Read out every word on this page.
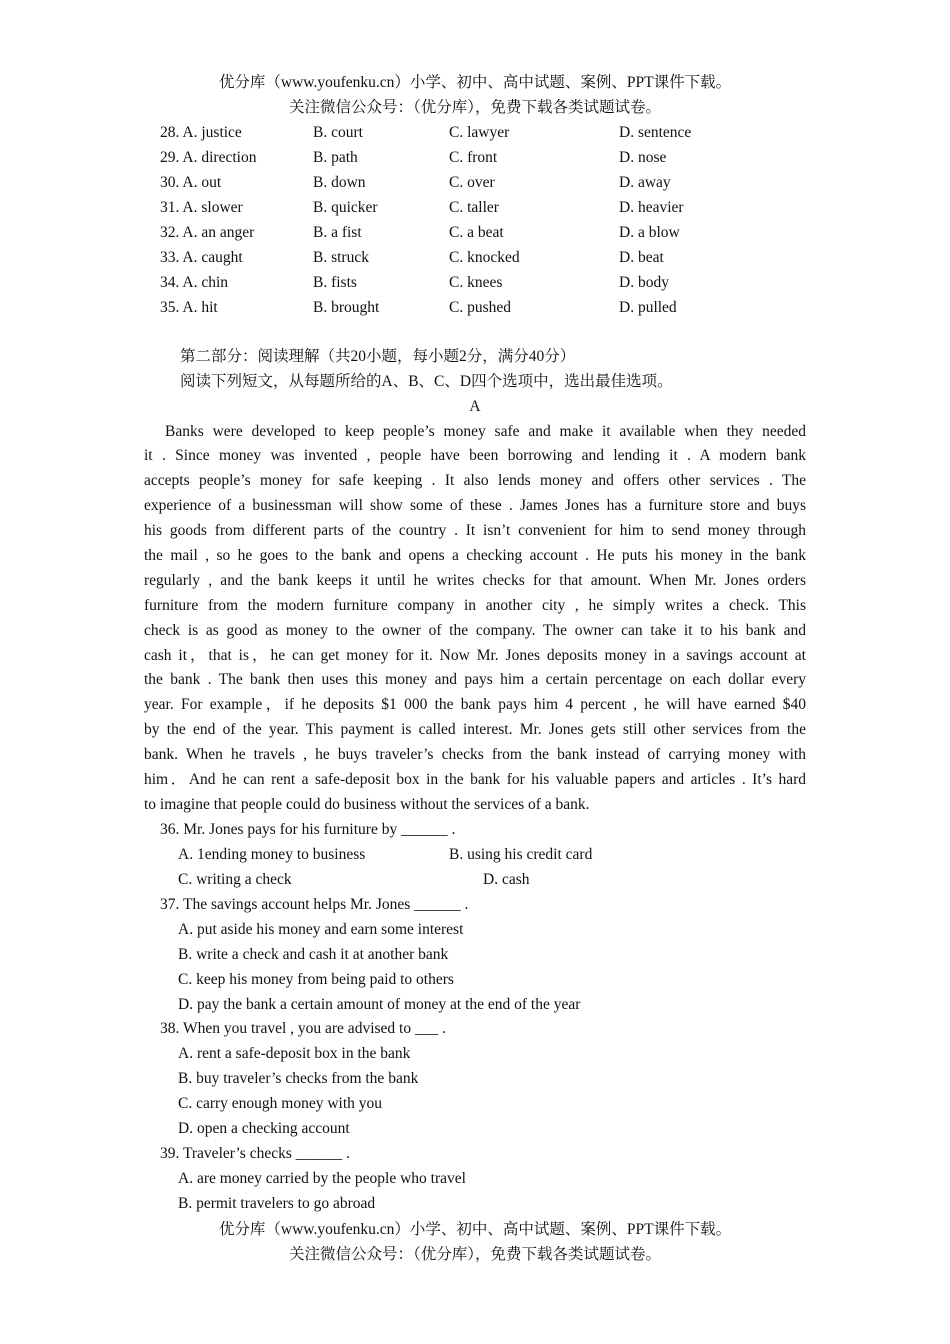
优分库（www.youfenku.cn）小学、初中、高中试题、案例、PPT课件下载。
关注微信公众号：（优分库），免费下载各类试题试卷。
28. A. justice	B. court	C. lawyer	D. sentence
29. A. direction	B. path	C. front	D. nose
30. A. out	B. down	C. over	D. away
31. A. slower	B. quicker	C. taller	D. heavier
32. A. an anger	B. a fist	C. a beat	D. a blow
33. A. caught	B. struck	C. knocked	D. beat
34. A. chin	B. fists	C. knees	D. body
35. A. hit	B. brought	C. pushed	D. pulled
第二部分：阅读理解（共20小题，每小题2分，满分40分）
阅读下列短文，从每题所给的A、B、C、D四个选项中，选出最佳选项。
A
Banks were developed to keep people’s money safe and make it available when they needed
it . Since money was invented , people have been borrowing and lending it . A modern bank
accepts people’s money for safe keeping . It also lends money and offers other services . The
experience of a businessman will show some of these . James Jones has a furniture store and buys
his goods from different parts of the country . It isn’t convenient for him to send money through
the mail , so he goes to the bank and opens a checking account . He puts his money in the bank
regularly , and the bank keeps it until he writes checks for that amount. When Mr. Jones orders
furniture from the modern furniture company in another city , he simply writes a check. This
check is as good as money to the owner of the company. The owner can take it to his bank and
cash it，that is，he can get money for it. Now Mr. Jones deposits money in a savings account at
the bank . The bank then uses this money and pays him a certain percentage on each dollar every
year. For example，if he deposits $1 000 the bank pays him 4 percent , he will have earned $40
by the end of the year. This payment is called interest. Mr. Jones gets still other services from the
bank. When he travels , he buys traveler’s checks from the bank instead of carrying money with
him．And he can rent a safe-deposit box in the bank for his valuable papers and articles . It’s hard
to imagine that people could do business without the services of a bank.
36. Mr. Jones pays for his furniture by ______ .
A. 1ending money to business	B. using his credit card
C. writing a check	D. cash
37. The savings account helps Mr. Jones ______ .
A. put aside his money and earn some interest
B. write a check and cash it at another bank
C. keep his money from being paid to others
D. pay the bank a certain amount of money at the end of the year
38. When you travel , you are advised to ___ .
A. rent a safe-deposit box in the bank
B. buy traveler’s checks from the bank
C. carry enough money with you
D. open a checking account
39. Traveler’s checks ______ .
A. are money carried by the people who travel
B. permit travelers to go abroad
优分库（www.youfenku.cn）小学、初中、高中试题、案例、PPT课件下载。
关注微信公众号：（优分库），免费下载各类试题试卷。
